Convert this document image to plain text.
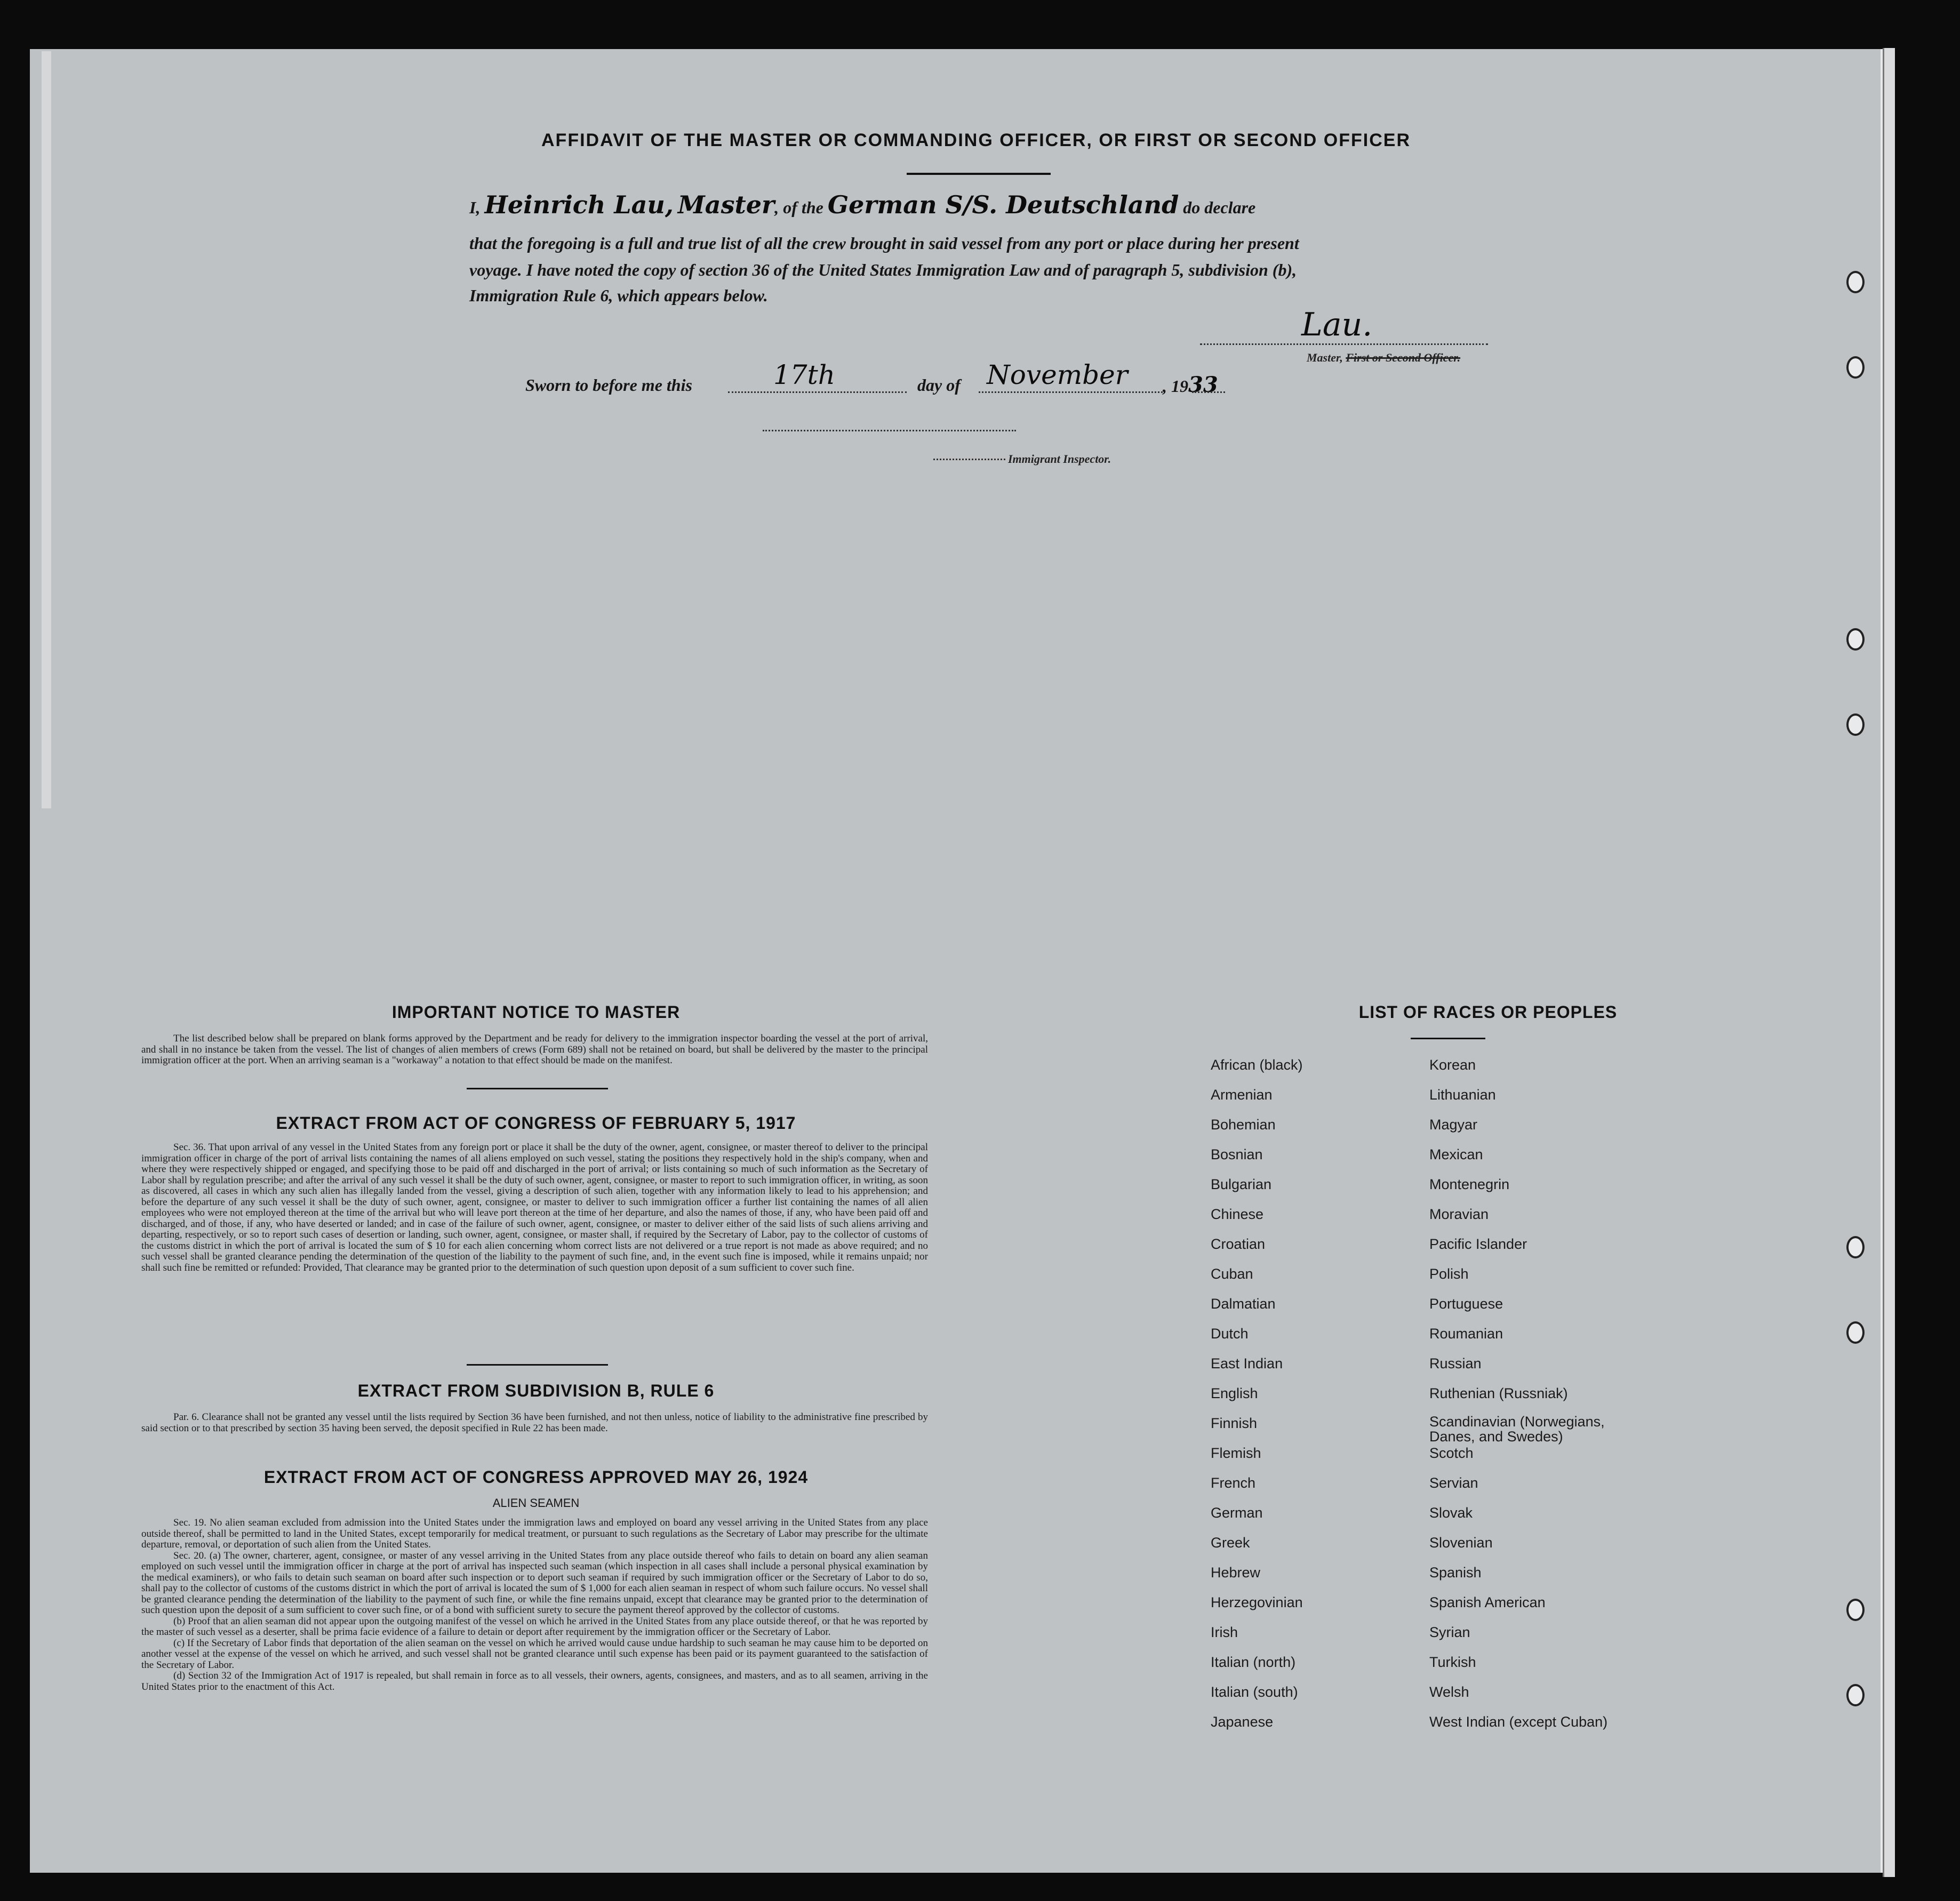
AFFIDAVIT OF THE MASTER OR COMMANDING OFFICER, OR FIRST OR SECOND OFFICER
I, Heinrich Lau, Master, of the German S/S. Deutschland do declare
that the foregoing is a full and true list of all the crew brought in said vessel from any port or place during her present
voyage. I have noted the copy of section 36 of the United States Immigration Law and of paragraph 5, subdivision (b),
Immigration Rule 6, which appears below.
Lau.
Master, First or Second Officer.
Sworn to before me this	17th	day of November , 1933
Immigrant Inspector.
IMPORTANT NOTICE TO MASTER

The list described below shall be prepared on blank forms approved by the Department and be ready for delivery to the immigration inspector boarding the vessel at the port of arrival, and shall in no instance be taken from the vessel. The list of changes of alien members of crews (Form 689) shall not be retained on board, but shall be delivered by the master to the principal immigration officer at the port. When an arriving seaman is a "workaway" a notation to that effect should be made on the manifest.

EXTRACT FROM ACT OF CONGRESS OF FEBRUARY 5, 1917

Sec. 36. That upon arrival of any vessel in the United States from any foreign port or place it shall be the duty of the owner, agent, consignee, or master thereof to deliver to the principal immigration officer in charge of the port of arrival lists containing the names of all aliens employed on such vessel, stating the positions they respectively hold in the ship's company, when and where they were respectively shipped or engaged, and specifying those to be paid off and discharged in the port of arrival; or lists containing so much of such information as the Secretary of Labor shall by regulation prescribe; and after the arrival of any such vessel it shall be the duty of such owner, agent, consignee, or master to report to such immigration officer, in writing, as soon as discovered, all cases in which any such alien has illegally landed from the vessel, giving a description of such alien, together with any information likely to lead to his apprehension; and before the departure of any such vessel it shall be the duty of such owner, agent, consignee, or master to deliver to such immigration officer a further list containing the names of all alien employees who were not employed thereon at the time of the arrival but who will leave port thereon at the time of her departure, and also the names of those, if any, who have been paid off and discharged, and of those, if any, who have deserted or landed; and in case of the failure of such owner, agent, consignee, or master to deliver either of the said lists of such aliens arriving and departing, respectively, or so to report such cases of desertion or landing, such owner, agent, consignee, or master shall, if required by the Secretary of Labor, pay to the collector of customs of the customs district in which the port of arrival is located the sum of $ 10 for each alien concerning whom correct lists are not delivered or a true report is not made as above required; and no such vessel shall be granted clearance pending the determination of the question of the liability to the payment of such fine, and, in the event such fine is imposed, while it remains unpaid; nor shall such fine be remitted or refunded: Provided, That clearance may be granted prior to the determination of such question upon deposit of a sum sufficient to cover such fine.

EXTRACT FROM SUBDIVISION B, RULE 6

Par. 6. Clearance shall not be granted any vessel until the lists required by Section 36 have been furnished, and not then unless, notice of liability to the administrative fine prescribed by said section or to that prescribed by section 35 having been served, the deposit specified in Rule 22 has been made.

EXTRACT FROM ACT OF CONGRESS APPROVED MAY 26, 1924
ALIEN SEAMEN

Sec. 19. No alien seaman excluded from admission into the United States under the immigration laws and employed on board any vessel arriving in the United States from any place outside thereof, shall be permitted to land in the United States, except temporarily for medical treatment, or pursuant to such regulations as the Secretary of Labor may prescribe for the ultimate departure, removal, or deportation of such alien from the United States.

Sec. 20. (a) The owner, charterer, agent, consignee, or master of any vessel arriving in the United States from any place outside thereof who fails to detain on board any alien seaman employed on such vessel until the immigration officer in charge at the port of arrival has inspected such seaman (which inspection in all cases shall include a personal physical examination by the medical examiners), or who fails to detain such seaman on board after such inspection or to deport such seaman if required by such immigration officer or the Secretary of Labor to do so, shall pay to the collector of customs of the customs district in which the port of arrival is located the sum of $ 1,000 for each alien seaman in respect of whom such failure occurs. No vessel shall be granted clearance pending the determination of the liability to the payment of such fine, or while the fine remains unpaid, except that clearance may be granted prior to the determination of such question upon the deposit of a sum sufficient to cover such fine, or of a bond with sufficient surety to secure the payment thereof approved by the collector of customs.

(b) Proof that an alien seaman did not appear upon the outgoing manifest of the vessel on which he arrived in the United States from any place outside thereof, or that he was reported by the master of such vessel as a deserter, shall be prima facie evidence of a failure to detain or deport after requirement by the immigration officer or the Secretary of Labor.

(c) If the Secretary of Labor finds that deportation of the alien seaman on the vessel on which he arrived would cause undue hardship to such seaman he may cause him to be deported on another vessel at the expense of the vessel on which he arrived, and such vessel shall not be granted clearance until such expense has been paid or its payment guaranteed to the satisfaction of the Secretary of Labor.

(d) Section 32 of the Immigration Act of 1917 is repealed, but shall remain in force as to all vessels, their owners, agents, consignees, and masters, and as to all seamen, arriving in the United States prior to the enactment of this Act.

LIST OF RACES OR PEOPLES
African (black)
Armenian
Bohemian
Bosnian
Bulgarian
Chinese
Croatian
Cuban
Dalmatian
Dutch
East Indian
English
Finnish
Flemish
French
German
Greek
Hebrew
Herzegovinian
Irish
Italian (north)
Italian (south)
Japanese
Korean
Lithuanian
Magyar
Mexican
Montenegrin
Moravian
Pacific Islander
Polish
Portuguese
Roumanian
Russian
Ruthenian (Russniak)
Scandinavian (Norwegians, Danes, and Swedes)
Scotch
Servian
Slovak
Slovenian
Spanish
Spanish American
Syrian
Turkish
Welsh
West Indian (except Cuban)
